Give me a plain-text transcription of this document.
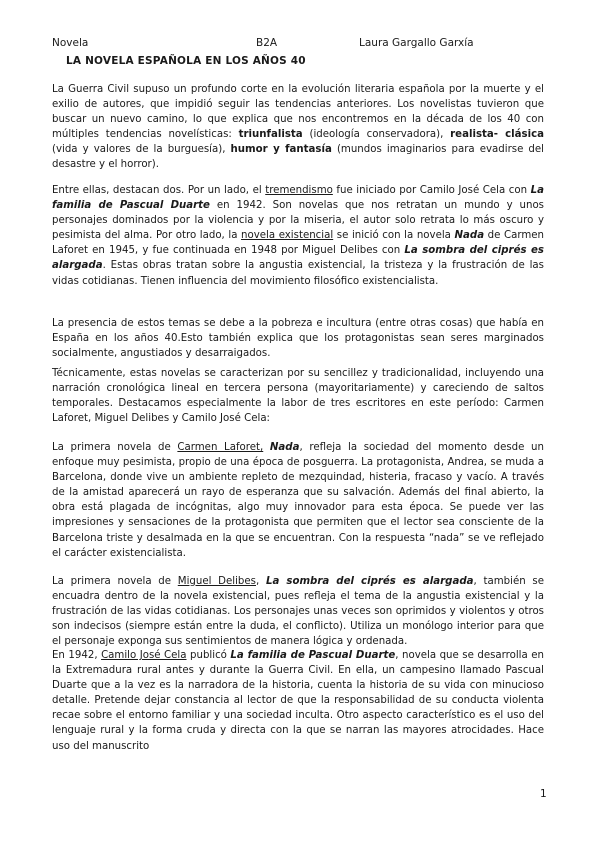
Novela	B2A	Laura Gargallo Garxía
LA NOVELA ESPAÑOLA EN LOS AÑOS 40

La Guerra Civil supuso un profundo corte en la evolución literaria española por la muerte y el exilio de autores, que impidió seguir las tendencias anteriores. Los novelistas tuvieron que buscar un nuevo camino, lo que explica que nos encontremos en la década de los 40 con múltiples tendencias novelísticas: triunfalista (ideología conservadora), realista- clásica (vida y valores de la burguesía), humor y fantasía (mundos imaginarios para evadirse del desastre y el horror).

Entre ellas, destacan dos. Por un lado, el tremendismo fue iniciado por Camilo José Cela con La familia de Pascual Duarte en 1942. Son novelas que nos retratan un mundo y unos personajes dominados por la violencia y por la miseria, el autor solo retrata lo más oscuro y pesimista del alma. Por otro lado, la novela existencial se inició con la novela Nada de Carmen Laforet en 1945, y fue continuada en 1948 por Miguel Delibes con La sombra del ciprés es alargada. Estas obras tratan sobre la angustia existencial, la tristeza y la frustración de las vidas cotidianas. Tienen influencia del movimiento filosófico existencialista.

La presencia de estos temas se debe a la pobreza e incultura (entre otras cosas) que había en España en los años 40.Esto también explica que los protagonistas sean seres marginados socialmente, angustiados y desarraigados.

Técnicamente, estas novelas se caracterizan por su sencillez y tradicionalidad, incluyendo una narración cronológica lineal en tercera persona (mayoritariamente) y careciendo de saltos temporales. Destacamos especialmente la labor de tres escritores en este período: Carmen Laforet, Miguel Delibes y Camilo José Cela:

La primera novela de Carmen Laforet, Nada, refleja la sociedad del momento desde un enfoque muy pesimista, propio de una época de posguerra. La protagonista, Andrea, se muda a Barcelona, donde vive un ambiente repleto de mezquindad, histeria, fracaso y vacío. A través de la amistad aparecerá un rayo de esperanza que su salvación. Además del final abierto, la obra está plagada de incógnitas, algo muy innovador para esta época. Se puede ver las impresiones y sensaciones de la protagonista que permiten que el lector sea consciente de la Barcelona triste y desalmada en la que se encuentran. Con la respuesta “nada” se ve reflejado el carácter existencialista.

La primera novela de Miguel Delibes, La sombra del ciprés es alargada, también se encuadra dentro de la novela existencial, pues refleja el tema de la angustia existencial y la frustración de las vidas cotidianas. Los personajes unas veces son oprimidos y violentos y otros son indecisos (siempre están entre la duda, el conflicto). Utiliza un monólogo interior para que el personaje exponga sus sentimientos de manera lógica y ordenada.

En 1942, Camilo José Cela publicó La familia de Pascual Duarte, novela que se desarrolla en la Extremadura rural antes y durante la Guerra Civil. En ella, un campesino llamado Pascual Duarte que a la vez es la narradora de la historia, cuenta la historia de su vida con minucioso detalle. Pretende dejar constancia al lector de que la responsabilidad de su conducta violenta recae sobre el entorno familiar y una sociedad inculta. Otro aspecto característico es el uso del lenguaje rural y la forma cruda y directa con la que se narran las mayores atrocidades. Hace uso del manuscrito

1
